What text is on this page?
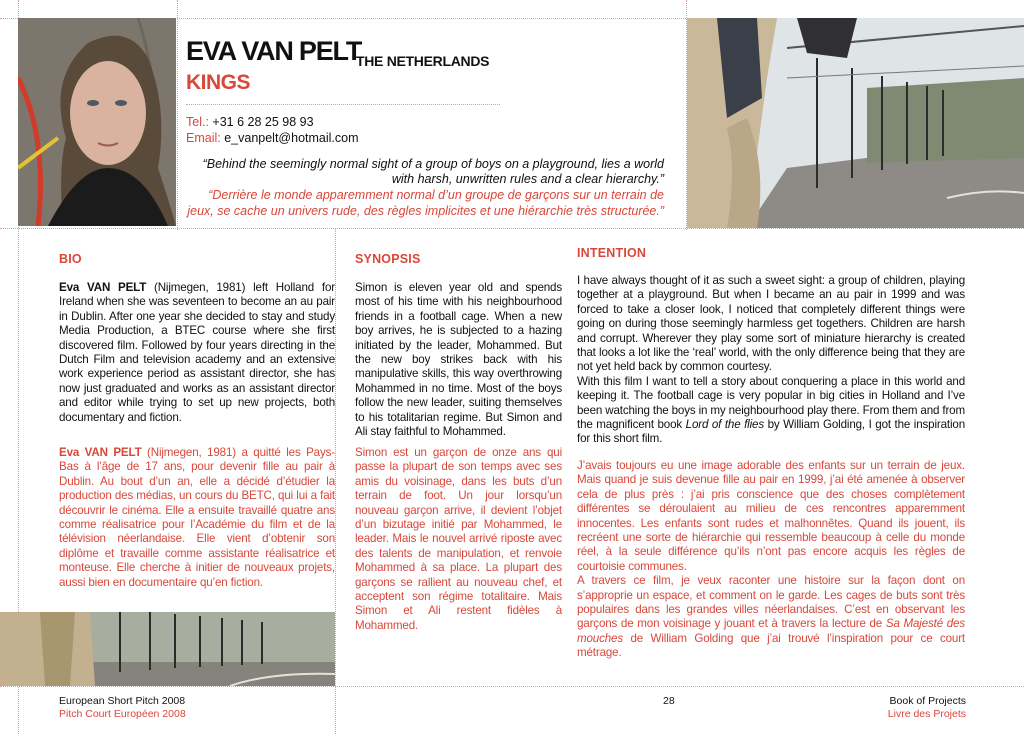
EVA VAN PELT
THE NETHERLANDS
KINGS
Tel.: +31 6 28 25 98 93
Email: e_vanpelt@hotmail.com
“Behind the seemingly normal sight of a group of boys on a playground, lies a world with harsh, unwritten rules and a clear hierarchy.”
“Derrière le monde apparemment normal d’un groupe de garçons sur un terrain de jeux, se cache un univers rude, des règles implicites et une hiérarchie très structurée.”
BIO
Eva VAN PELT (Nijmegen, 1981) left Holland for Ireland when she was seventeen to become an au pair in Dublin. After one year she decided to stay and study Media Production, a BTEC course where she first discovered film. Followed by four years directing in the Dutch Film and television academy and an extensive work experience period as assistant director, she has now just graduated and works as an assistant director and editor while trying to set up new projects, both documentary and fiction.
Eva VAN PELT (Nijmegen, 1981) a quitté les Pays-Bas à l’âge de 17 ans, pour devenir fille au pair à Dublin. Au bout d’un an, elle a décidé d’étudier la production des médias, un cours du BETC, qui lui a fait découvrir le cinéma. Elle a ensuite travaillé quatre ans comme réalisatrice pour l’Académie du film et de la télévision néerlandaise. Elle vient d’obtenir son diplôme et travaille comme assistante réalisatrice et monteuse. Elle cherche à initier de nouveaux projets, aussi bien en documentaire qu’en fiction.
SYNOPSIS
Simon is eleven year old and spends most of his time with his neighbourhood friends in a football cage. When a new boy arrives, he is subjected to a hazing initiated by the leader, Mohammed. But the new boy strikes back with his manipulative skills, this way overthrowing Mohammed in no time. Most of the boys follow the new leader, suiting themselves to his totalitarian regime. But Simon and Ali stay faithful to Mohammed.
Simon est un garçon de onze ans qui passe la plupart de son temps avec ses amis du voisinage, dans les buts d’un terrain de foot. Un jour lorsqu’un nouveau garçon arrive, il devient l’objet d’un bizutage initié par Mohammed, le leader. Mais le nouvel arrivé riposte avec des talents de manipulation, et renvoie Mohammed à sa place. La plupart des garçons se rallient au nouveau chef, et acceptent son régime totalitaire. Mais Simon et Ali restent fidèles à Mohammed.
INTENTION
I have always thought of it as such a sweet sight: a group of children, playing together at a playground. But when I became an au pair in 1999 and was forced to take a closer look, I noticed that completely different things were going on during those seemingly harmless get togethers. Children are harsh and corrupt. Wherever they play some sort of miniature hierarchy is created that looks a lot like the ‘real’ world, with the only difference being that they are not yet held back by common courtesy.
With this film I want to tell a story about conquering a place in this world and keeping it. The football cage is very popular in big cities in Holland and I’ve been watching the boys in my neighbourhood play there. From them and from the magnificent book Lord of the flies by William Golding, I got the inspiration for this short film.
J’avais toujours eu une image adorable des enfants sur un terrain de jeux. Mais quand je suis devenue fille au pair en 1999, j’ai été amenée à observer cela de plus près : j’ai pris conscience que des choses complètement différentes se déroulaient au milieu de ces rencontres apparemment innocentes. Les enfants sont rudes et malhonnêtes. Quand ils jouent, ils recréent une sorte de hiérarchie qui ressemble beaucoup à celle du monde réel, à la seule différence qu’ils n’ont pas encore acquis les règles de courtoisie communes.
A travers ce film, je veux raconter une histoire sur la façon dont on s’approprie un espace, et comment on le garde. Les cages de buts sont très populaires dans les grandes villes néerlandaises. C’est en observant les garçons de mon voisinage y jouant et à travers la lecture de Sa Majesté des mouches de William Golding que j’ai trouvé l’inspiration pour ce court métrage.
European Short Pitch 2008
Pitch Court Européen 2008
28	Book of Projects
Livre des Projets
